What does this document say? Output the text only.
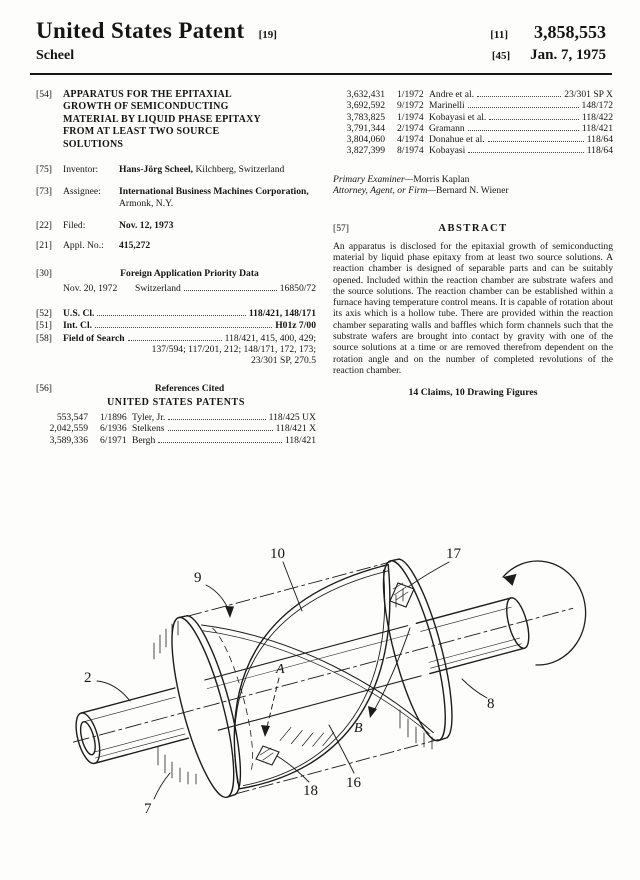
United States Patent [19]	[11] 3,858,553
Scheel	[45] Jan. 7, 1975
[54]	APPARATUS FOR THE EPITAXIAL
GROWTH OF SEMICONDUCTING
MATERIAL BY LIQUID PHASE EPITAXY
FROM AT LEAST TWO SOURCE
SOLUTIONS
[75]	Inventor:	Hans-Jörg Scheel, Kilchberg, Switzerland
[73]	Assignee:	International Business Machines Corporation, Armonk, N.Y.
[22]	Filed:	Nov. 12, 1973
[21]	Appl. No.:	415,272
[30]	Foreign Application Priority Data
Nov. 20, 1972	Switzerland	16850/72
[52]	U.S. Cl.	118/421, 148/171
[51]	Int. Cl.	H01z 7/00
[58]	Field of Search	118/421, 415, 400, 429;
137/594; 117/201, 212; 148/171, 172, 173;
23/301 SP, 270.5
[56]	References Cited
UNITED STATES PATENTS
553,547	1/1896 Tyler, Jr.	118/425 UX
2,042,559	6/1936 Stelkens	118/421 X
3,589,336	6/1971 Bergh	118/421
3,632,431	1/1972 Andre et al.	23/301 SP X
3,692,592	9/1972 Marinelli	148/172
3,783,825	1/1974 Kobayasi et al.	118/422
3,791,344	2/1974 Gramann	118/421
3,804,060	4/1974 Donahue et al.	118/64
3,827,399	8/1974 Kobayasi	118/64
Primary Examiner—Morris Kaplan
Attorney, Agent, or Firm—Bernard N. Wiener
[57]	ABSTRACT
An apparatus is disclosed for the epitaxial growth of semiconducting material by liquid phase epitaxy from at least two source solutions. A reaction chamber is designed of separable parts and can be suitably opened. Included within the reaction chamber are substrate wafers and the source solutions. The reaction chamber can be established within a furnace having temperature control means. It is capable of rotation about its axis which is a hollow tube. There are provided within the reaction chamber separating walls and baffles which form channels such that the substrate wafers are brought into contact by gravity with one of the source solutions at a time or are removed therefrom dependent on the rotation angle and on the number of completed revolutions of the reaction chamber.
14 Claims, 10 Drawing Figures
2
7
9
10	17
8
16
18
A
B
